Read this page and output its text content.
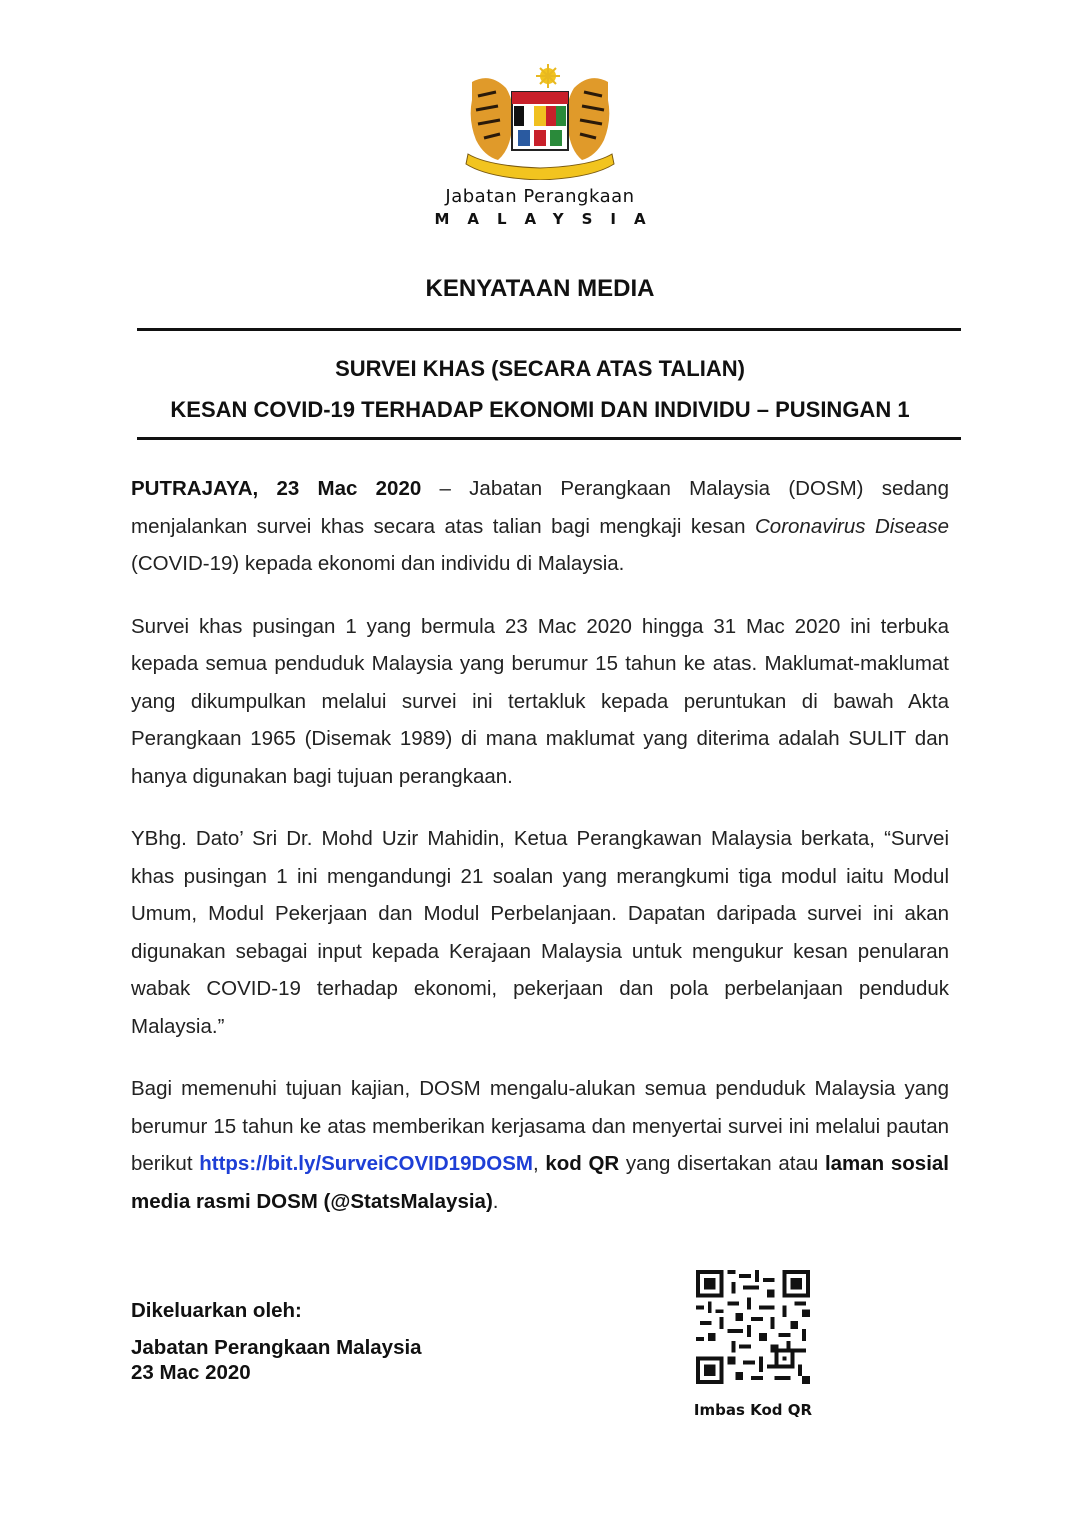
Jabatan Perangkaan
MALAYSIA
KENYATAAN MEDIA
SURVEI KHAS (SECARA ATAS TALIAN)
KESAN COVID-19 TERHADAP EKONOMI DAN INDIVIDU – PUSINGAN 1

PUTRAJAYA, 23 Mac 2020 – Jabatan Perangkaan Malaysia (DOSM) sedang menjalankan survei khas secara atas talian bagi mengkaji kesan Coronavirus Disease (COVID-19) kepada ekonomi dan individu di Malaysia.

Survei khas pusingan 1 yang bermula 23 Mac 2020 hingga 31 Mac 2020 ini terbuka kepada semua penduduk Malaysia yang berumur 15 tahun ke atas. Maklumat-maklumat yang dikumpulkan melalui survei ini tertakluk kepada peruntukan di bawah Akta Perangkaan 1965 (Disemak 1989) di mana maklumat yang diterima adalah SULIT dan hanya digunakan bagi tujuan perangkaan.

YBhg. Dato’ Sri Dr. Mohd Uzir Mahidin, Ketua Perangkawan Malaysia berkata, “Survei khas pusingan 1 ini mengandungi 21 soalan yang merangkumi tiga modul iaitu Modul Umum, Modul Pekerjaan dan Modul Perbelanjaan. Dapatan daripada survei ini akan digunakan sebagai input kepada Kerajaan Malaysia untuk mengukur kesan penularan wabak COVID-19 terhadap ekonomi, pekerjaan dan pola perbelanjaan penduduk Malaysia.”

Bagi memenuhi tujuan kajian, DOSM mengalu-alukan semua penduduk Malaysia yang berumur 15 tahun ke atas memberikan kerjasama dan menyertai survei ini melalui pautan berikut https://bit.ly/SurveiCOVID19DOSM, kod QR yang disertakan atau laman sosial media rasmi DOSM (@StatsMalaysia).

Dikeluarkan oleh:
Jabatan Perangkaan Malaysia
23 Mac 2020
Imbas Kod QR
